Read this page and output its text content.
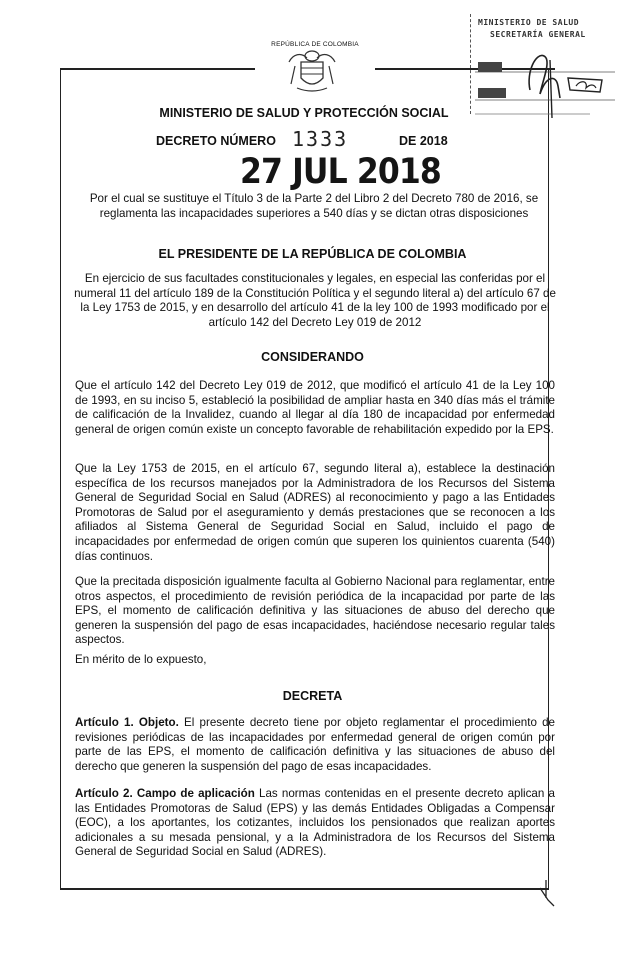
REPÚBLICA DE COLOMBIA
MINISTERIO DE SALUD
SECRETARÍA GENERAL
MINISTERIO DE SALUD Y PROTECCIÓN SOCIAL
DECRETO NÚMERO 1333	DE 2018
27 JUL 2018
Por el cual se sustituye el Título 3 de la Parte 2 del Libro 2 del Decreto 780 de 2016, se reglamenta las incapacidades superiores a 540 días y se dictan otras disposiciones
EL PRESIDENTE DE LA REPÚBLICA DE COLOMBIA
En ejercicio de sus facultades constitucionales y legales, en especial las conferidas por el numeral 11 del artículo 189 de la Constitución Política y el segundo literal a) del artículo 67 de la Ley 1753 de 2015, y en desarrollo del artículo 41 de la ley 100 de 1993 modificado por el artículo 142 del Decreto Ley 019 de 2012
CONSIDERANDO
Que el artículo 142 del Decreto Ley 019 de 2012, que modificó el artículo 41 de la Ley 100 de 1993, en su inciso 5, estableció la posibilidad de ampliar hasta en 340 días más el trámite de calificación de la Invalidez, cuando al llegar al día 180 de incapacidad por enfermedad general de origen común existe un concepto favorable de rehabilitación expedido por la EPS.
Que la Ley 1753 de 2015, en el artículo 67, segundo literal a), establece la destinación específica de los recursos manejados por la Administradora de los Recursos del Sistema General de Seguridad Social en Salud (ADRES) al reconocimiento y pago a las Entidades Promotoras de Salud por el aseguramiento y demás prestaciones que se reconocen a los afiliados al Sistema General de Seguridad Social en Salud, incluido el pago de incapacidades por enfermedad de origen común que superen los quinientos cuarenta (540) días continuos.
Que la precitada disposición igualmente faculta al Gobierno Nacional para reglamentar, entre otros aspectos, el procedimiento de revisión periódica de la incapacidad por parte de las EPS, el momento de calificación definitiva y las situaciones de abuso del derecho que generen la suspensión del pago de esas incapacidades, haciéndose necesario regular tales aspectos.
En mérito de lo expuesto,
DECRETA
Artículo 1. Objeto. El presente decreto tiene por objeto reglamentar el procedimiento de revisiones periódicas de las incapacidades por enfermedad general de origen común por parte de las EPS, el momento de calificación definitiva y las situaciones de abuso del derecho que generen la suspensión del pago de esas incapacidades.
Artículo 2. Campo de aplicación Las normas contenidas en el presente decreto aplican a las Entidades Promotoras de Salud (EPS) y las demás Entidades Obligadas a Compensar (EOC), a los aportantes, los cotizantes, incluidos los pensionados que realizan aportes adicionales a su mesada pensional, y a la Administradora de los Recursos del Sistema General de Seguridad Social en Salud (ADRES).
